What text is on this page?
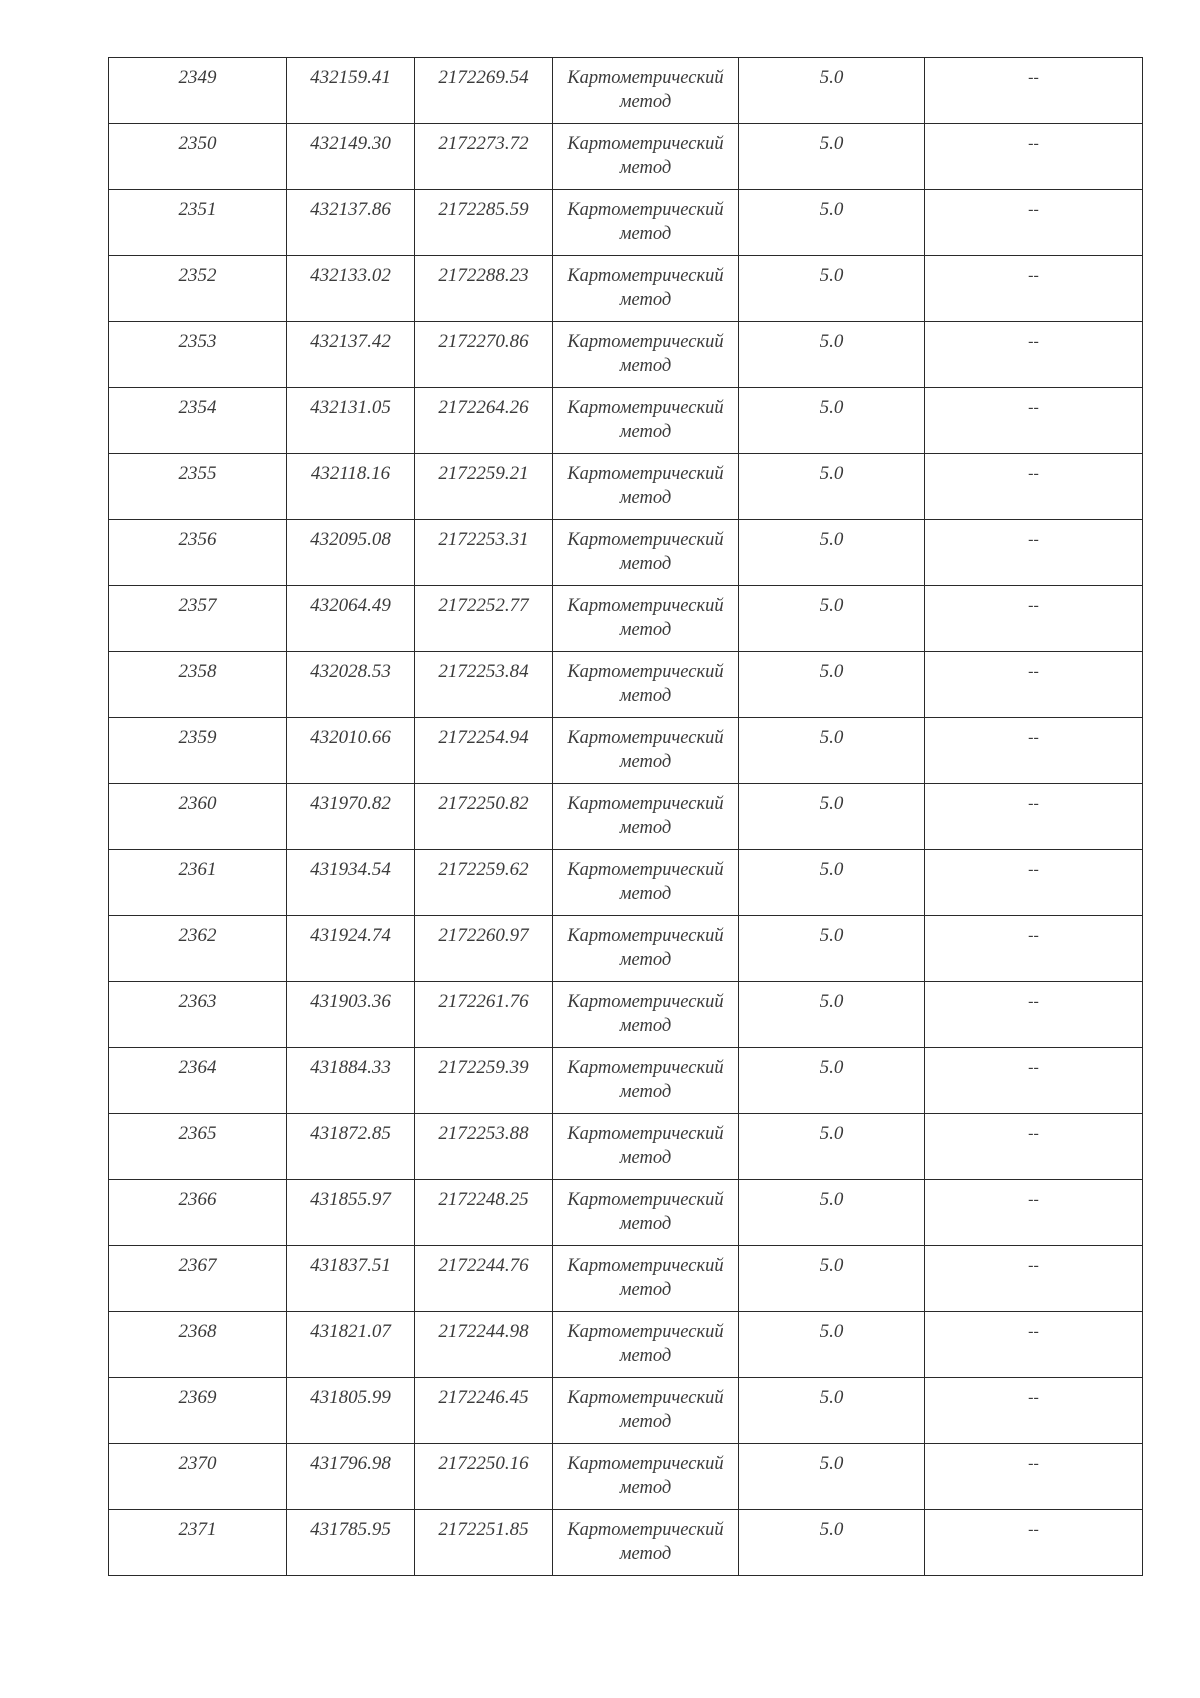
2349	432159.41	2172269.54	Картометрический
метод	5.0	--
2350	432149.30	2172273.72	Картометрический
метод	5.0	--
2351	432137.86	2172285.59	Картометрический
метод	5.0	--
2352	432133.02	2172288.23	Картометрический
метод	5.0	--
2353	432137.42	2172270.86	Картометрический
метод	5.0	--
2354	432131.05	2172264.26	Картометрический
метод	5.0	--
2355	432118.16	2172259.21	Картометрический
метод	5.0	--
2356	432095.08	2172253.31	Картометрический
метод	5.0	--
2357	432064.49	2172252.77	Картометрический
метод	5.0	--
2358	432028.53	2172253.84	Картометрический
метод	5.0	--
2359	432010.66	2172254.94	Картометрический
метод	5.0	--
2360	431970.82	2172250.82	Картометрический
метод	5.0	--
2361	431934.54	2172259.62	Картометрический
метод	5.0	--
2362	431924.74	2172260.97	Картометрический
метод	5.0	--
2363	431903.36	2172261.76	Картометрический
метод	5.0	--
2364	431884.33	2172259.39	Картометрический
метод	5.0	--
2365	431872.85	2172253.88	Картометрический
метод	5.0	--
2366	431855.97	2172248.25	Картометрический
метод	5.0	--
2367	431837.51	2172244.76	Картометрический
метод	5.0	--
2368	431821.07	2172244.98	Картометрический
метод	5.0	--
2369	431805.99	2172246.45	Картометрический
метод	5.0	--
2370	431796.98	2172250.16	Картометрический
метод	5.0	--
2371	431785.95	2172251.85	Картометрический
метод	5.0	--
